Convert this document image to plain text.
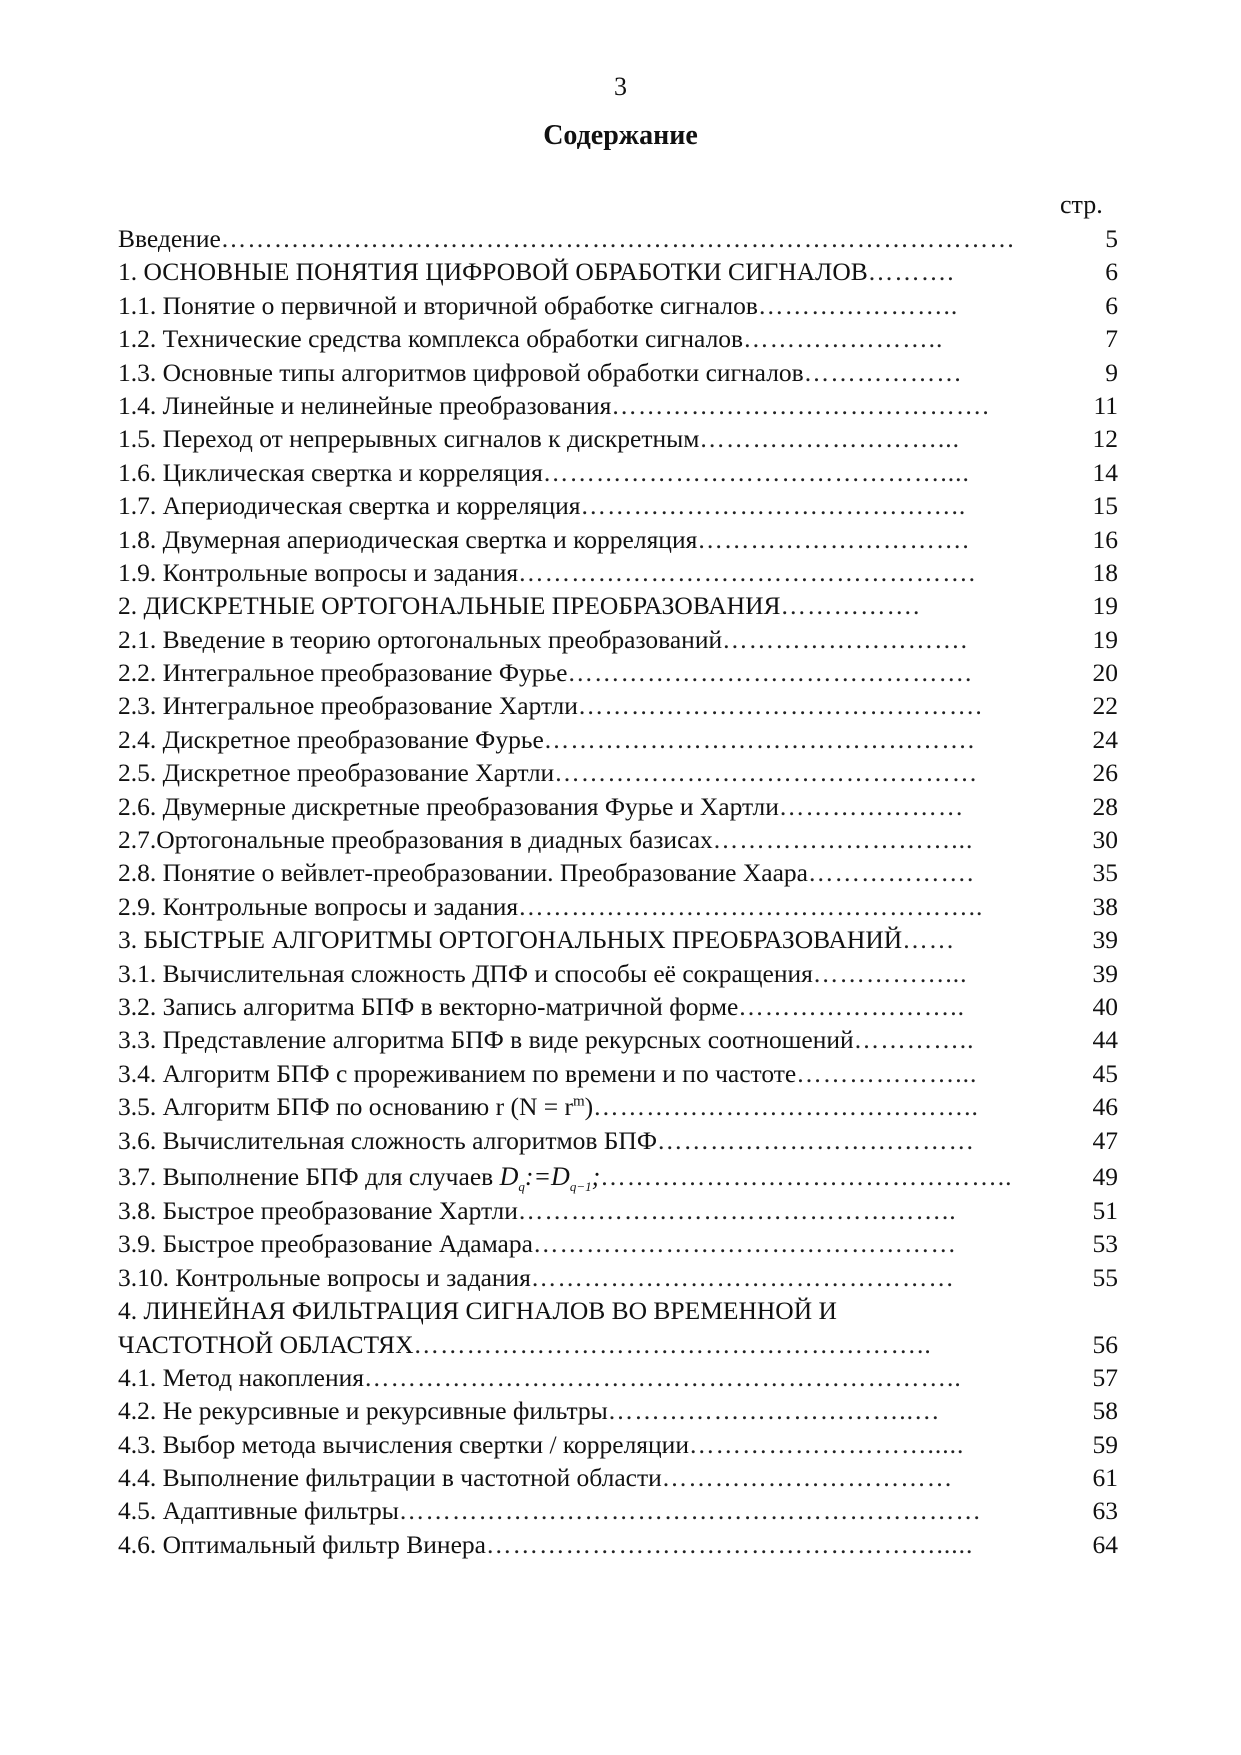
3
Содержание
стр.
Введение ………………………………………………………………………………	5
1. ОСНОВНЫЕ ПОНЯТИЯ ЦИФРОВОЙ ОБРАБОТКИ СИГНАЛОВ ……….	6
1.1. Понятие о первичной и вторичной обработке сигналов …………………..	6
1.2. Технические средства комплекса обработки сигналов …………………..	7
1.3. Основные типы алгоритмов цифровой обработки сигналов ………………	9
1.4. Линейные и нелинейные преобразования …………………………………….	11
1.5. Переход от непрерывных сигналов к дискретным ………………………...	12
1.6. Циклическая свертка и корреляция ………………………………………....	14
1.7. Апериодическая свертка и корреляция ……………………………………..	15
1.8. Двумерная апериодическая свертка и корреляция ………………………….	16
1.9. Контрольные вопросы и задания …………………………………………….	18
2. ДИСКРЕТНЫЕ ОРТОГОНАЛЬНЫЕ ПРЕОБРАЗОВАНИЯ …………….	19
2.1. Введение в теорию ортогональных преобразований ……………………….	19
2.2. Интегральное преобразование Фурье ……………………………………….	20
2.3. Интегральное преобразование Хартли ……………………………………….	22
2.4. Дискретное преобразование Фурье ………………………………………….	24
2.5. Дискретное преобразование Хартли …………………………………………	26
2.6. Двумерные дискретные преобразования Фурье и Хартли …………………	28
2.7.Ортогональные преобразования в диадных базисах ………………………...	30
2.8. Понятие о вейвлет-преобразовании. Преобразование Хаара ……………….	35
2.9. Контрольные вопросы и задания ……………………………………………..	38
3. БЫСТРЫЕ АЛГОРИТМЫ ОРТОГОНАЛЬНЫХ ПРЕОБРАЗОВАНИЙ ……	39
3.1. Вычислительная сложность ДПФ и способы её сокращения ……………...	39
3.2. Запись алгоритма БПФ в векторно-матричной форме ……………………..	40
3.3. Представление алгоритма БПФ в виде рекурсных соотношений …………..	44
3.4. Алгоритм БПФ с прореживанием по времени и по частоте ………………...	45
3.5. Алгоритм БПФ по основанию r $(N = r^m)$ ……………………………………..	46
3.6. Вычислительная сложность алгоритмов БПФ ………………………………	47
3.7. Выполнение БПФ для случаев $D_q:=D_{q-1}$; ………………………………………..	49
3.8. Быстрое преобразование Хартли …………………………………………..	51
3.9. Быстрое преобразование Адамара …………………………………………	53
3.10. Контрольные вопросы и задания …………………………………………	55
4. ЛИНЕЙНАЯ ФИЛЬТРАЦИЯ СИГНАЛОВ ВО ВРЕМЕННОЙ И
ЧАСТОТНОЙ ОБЛАСТЯХ …………………………………………………..	56
4.1. Метод накопления …………………………………………………………..	57
4.2. Не рекурсивные и рекурсивные фильтры ……………………………..…	58
4.3. Выбор метода вычисления свертки / корреляции ……………………….....	59
4.4. Выполнение фильтрации в частотной области ……………………………	61
4.5. Адаптивные фильтры …………………………………………………………	63
4.6. Оптимальный фильтр Винера …………………………………………….....	64
